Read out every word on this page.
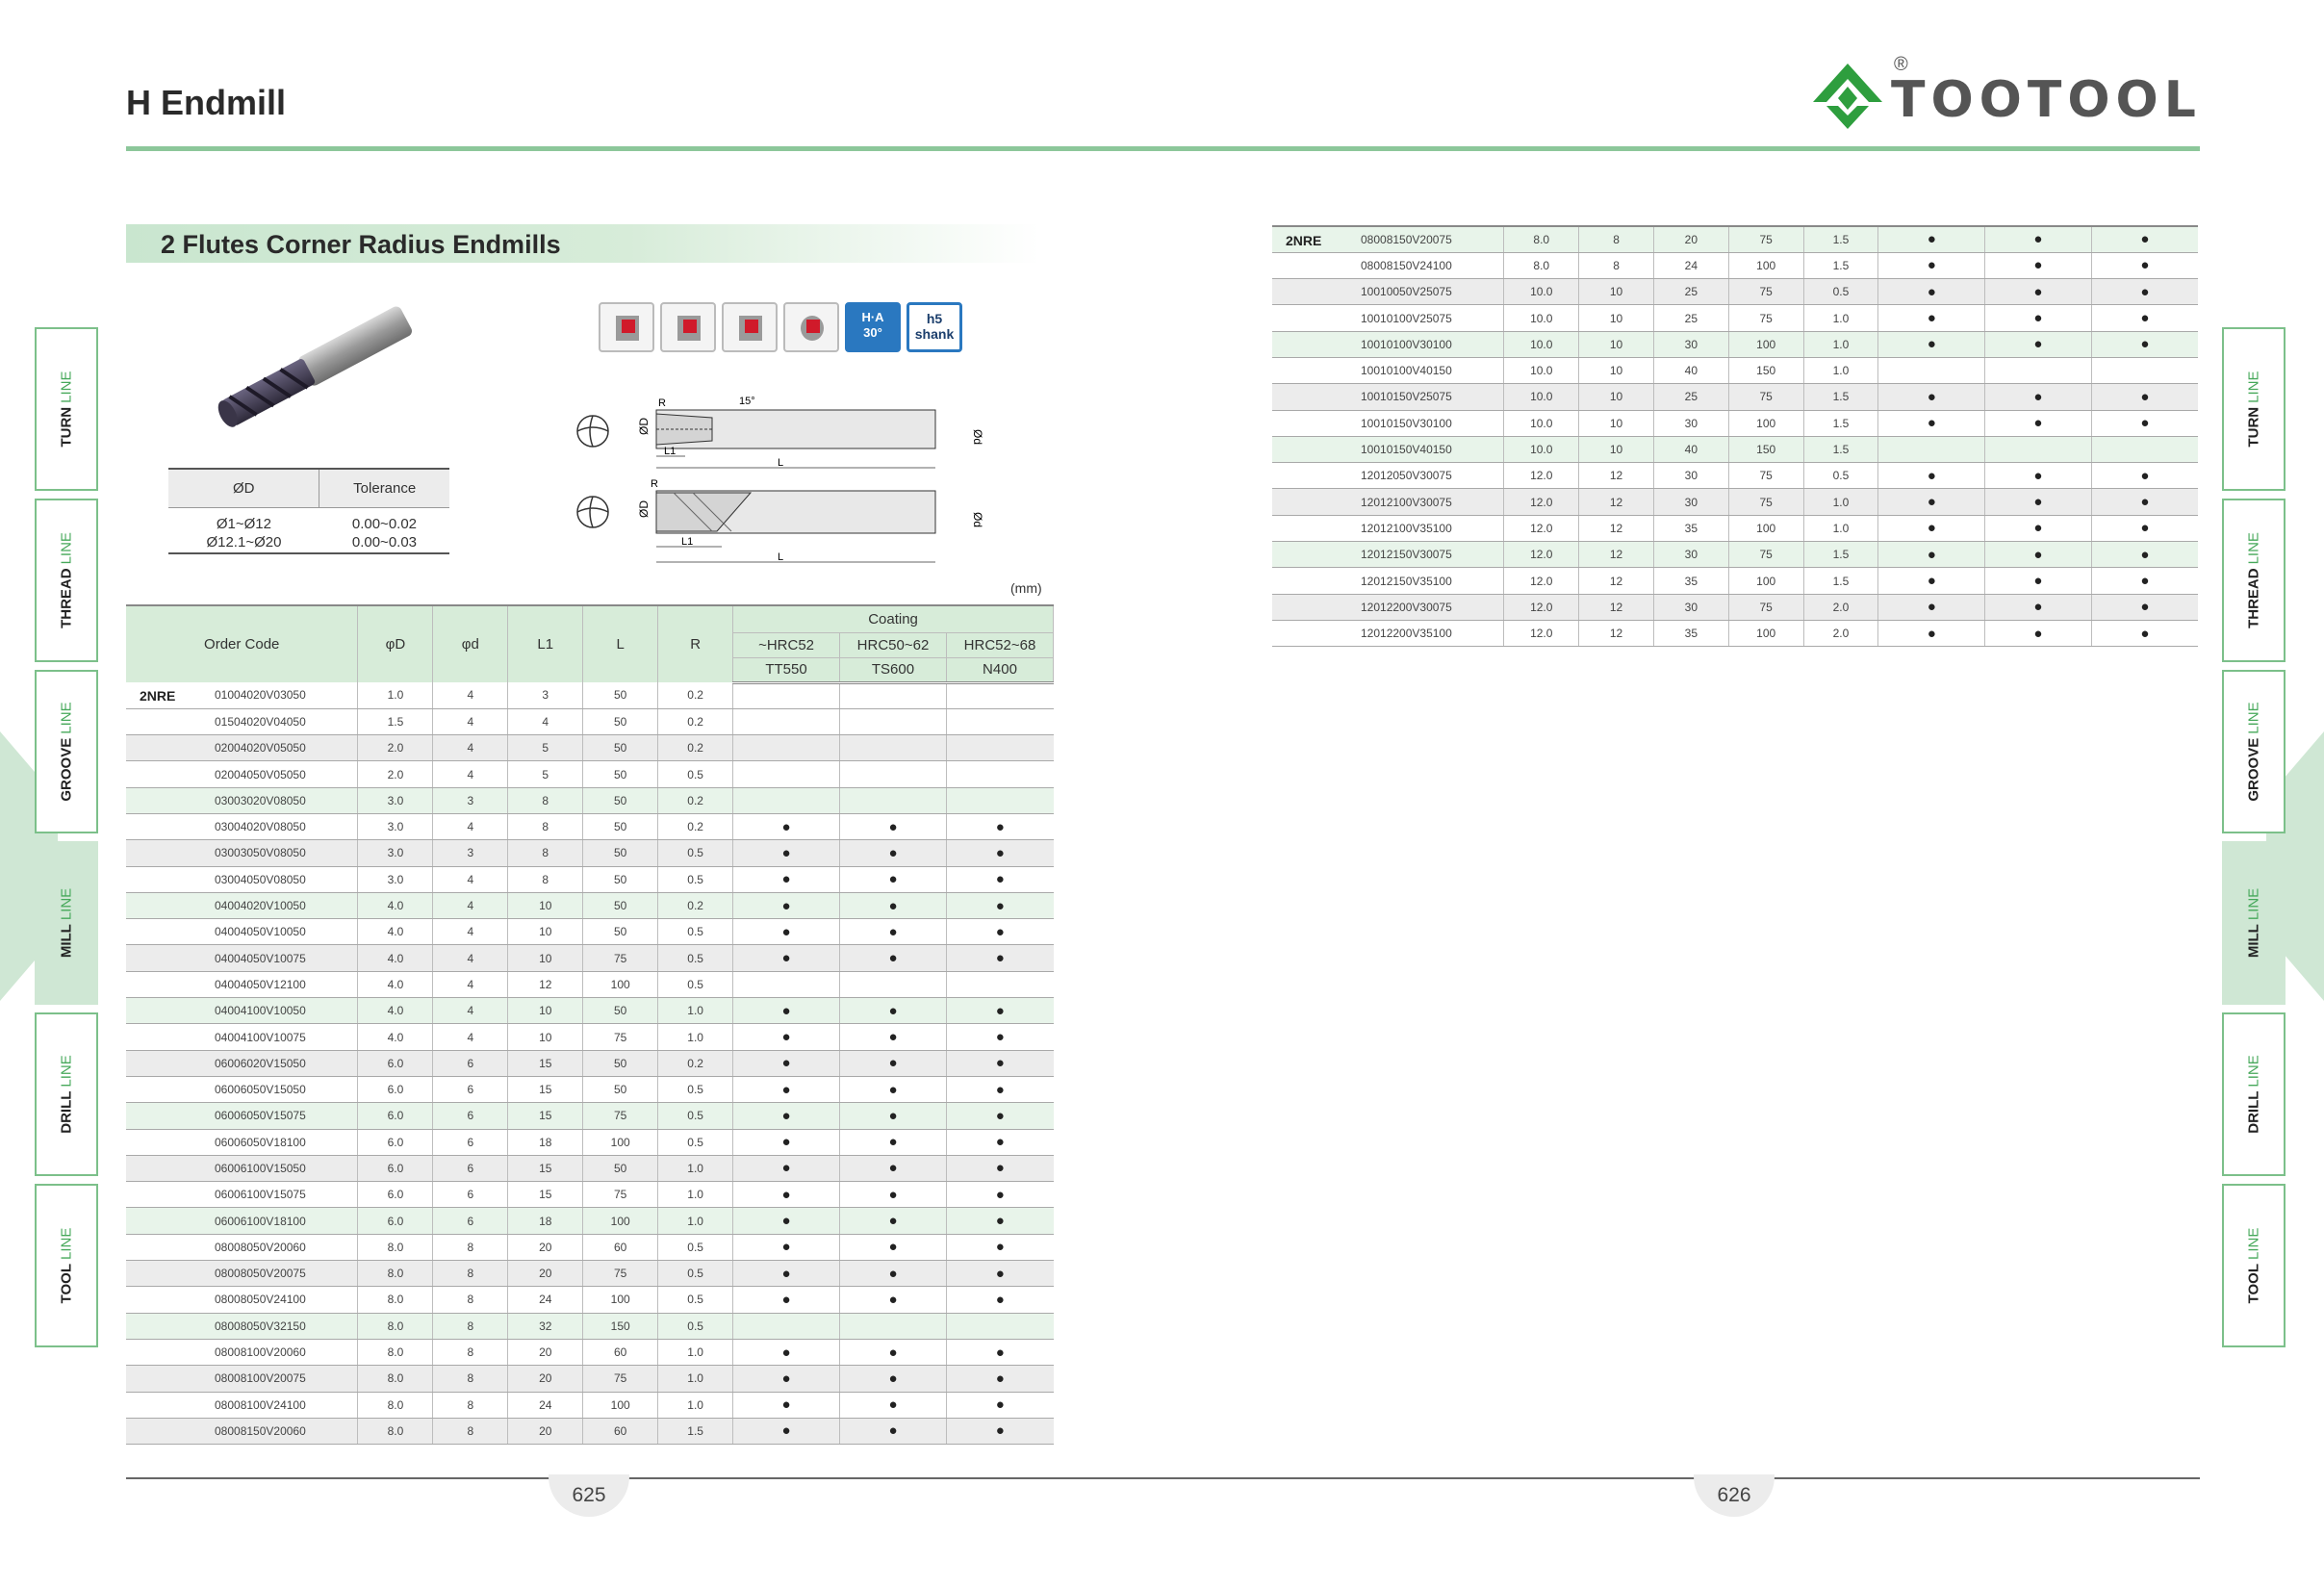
H Endmill
®
TOOTOOL
2 Flutes Corner Radius Endmills
TURNLINE
THREADLINE
GROOVELINE
MILLLINE
DRILLLINE
TOOLLINE
TURNLINE
THREADLINE
GROOVELINE
MILLLINE
DRILLLINE
TOOLLINE
ØD	Tolerance
Ø1~Ø12	0.00~0.02
Ø12.1~Ø20	0.00~0.03
H·A
30°
h5
shank
ØD
Ød
R	15°
L1
L
ØD
Ød
R
L1
L
(mm)
Order Code	φD	φd	L1	L	R	Coating		
						~HRC52	HRC50~62	HRC52~68
						TT550	TS600	N400

2NRE 01004020V03050	1.0	4	3	50	0.2			
01504020V04050	1.5	4	4	50	0.2			
02004020V05050	2.0	4	5	50	0.2			
02004050V05050	2.0	4	5	50	0.5			
03003020V08050	3.0	3	8	50	0.2			
03004020V08050	3.0	4	8	50	0.2	●	●	●
03003050V08050	3.0	3	8	50	0.5	●	●	●
03004050V08050	3.0	4	8	50	0.5	●	●	●
04004020V10050	4.0	4	10	50	0.2	●	●	●
04004050V10050	4.0	4	10	50	0.5	●	●	●
04004050V10075	4.0	4	10	75	0.5	●	●	●
04004050V12100	4.0	4	12	100	0.5			
04004100V10050	4.0	4	10	50	1.0	●	●	●
04004100V10075	4.0	4	10	75	1.0	●	●	●
06006020V15050	6.0	6	15	50	0.2	●	●	●
06006050V15050	6.0	6	15	50	0.5	●	●	●
06006050V15075	6.0	6	15	75	0.5	●	●	●
06006050V18100	6.0	6	18	100	0.5	●	●	●
06006100V15050	6.0	6	15	50	1.0	●	●	●
06006100V15075	6.0	6	15	75	1.0	●	●	●
06006100V18100	6.0	6	18	100	1.0	●	●	●
08008050V20060	8.0	8	20	60	0.5	●	●	●
08008050V20075	8.0	8	20	75	0.5	●	●	●
08008050V24100	8.0	8	24	100	0.5	●	●	●
08008050V32150	8.0	8	32	150	0.5			
08008100V20060	8.0	8	20	60	1.0	●	●	●
08008100V20075	8.0	8	20	75	1.0	●	●	●
08008100V24100	8.0	8	24	100	1.0	●	●	●
08008150V20060	8.0	8	20	60	1.5	●	●	●
2NRE 08008150V20075	8.0	8	20	75	1.5	●	●	●
08008150V24100	8.0	8	24	100	1.5	●	●	●
10010050V25075	10.0	10	25	75	0.5	●	●	●
10010100V25075	10.0	10	25	75	1.0	●	●	●
10010100V30100	10.0	10	30	100	1.0	●	●	●
10010100V40150	10.0	10	40	150	1.0			
10010150V25075	10.0	10	25	75	1.5	●	●	●
10010150V30100	10.0	10	30	100	1.5	●	●	●
10010150V40150	10.0	10	40	150	1.5			
12012050V30075	12.0	12	30	75	0.5	●	●	●
12012100V30075	12.0	12	30	75	1.0	●	●	●
12012100V35100	12.0	12	35	100	1.0	●	●	●
12012150V30075	12.0	12	30	75	1.5	●	●	●
12012150V35100	12.0	12	35	100	1.5	●	●	●
12012200V30075	12.0	12	30	75	2.0	●	●	●
12012200V35100	12.0	12	35	100	2.0	●	●	●
625	626
